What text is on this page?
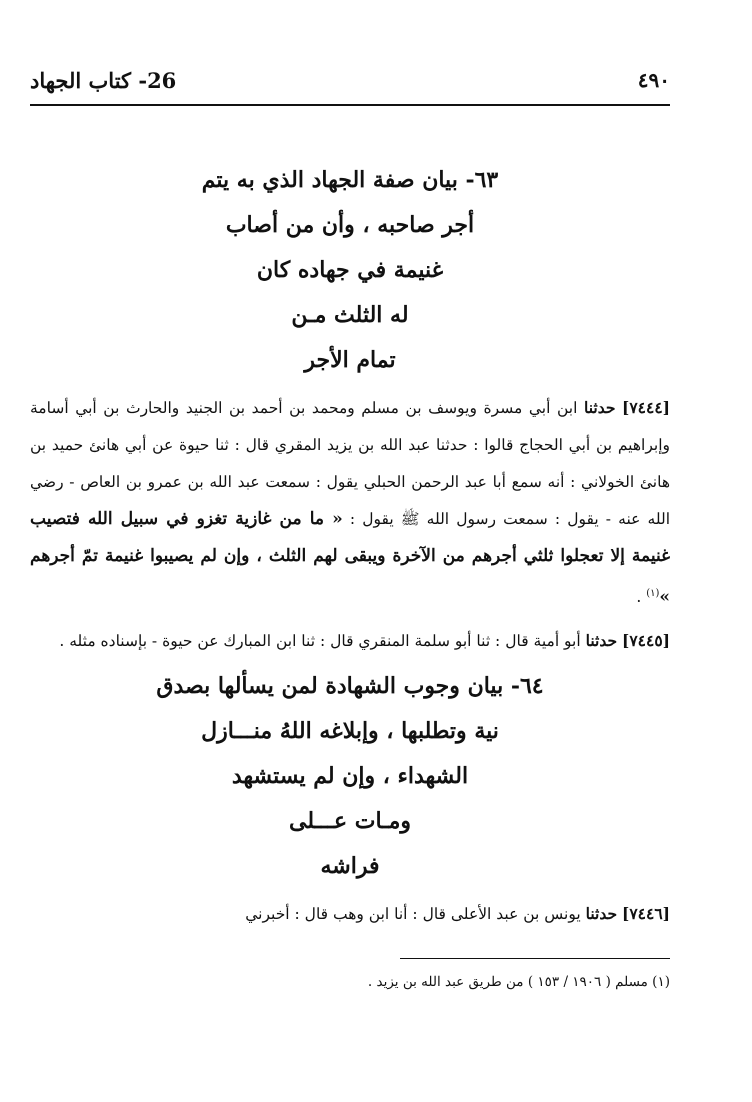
26- كتاب الجهاد	٤٩٠

٦٣- بيان صفة الجهاد الذي به يتم

أجر صاحبه ، وأن من أصاب

غنيمة في جهاده كان

له الثلث مـن

تمام الأجر

[٧٤٤٤] حدثنا ابن أبي مسرة ويوسف بن مسلم ومحمد بن أحمد بن الجنيد والحارث بن أبي أسامة وإبراهيم بن أبي الحجاج قالوا : حدثنا عبد الله بن يزيد المقري قال : ثنا حيوة عن أبي هانئ حميد بن هانئ الخولاني : أنه سمع أبا عبد الرحمن الحبلي يقول : سمعت عبد الله بن عمرو بن العاص - رضي الله عنه - يقول : سمعت رسول الله ﷺ يقول : « ما من غازية تغزو في سبيل الله فتصيب غنيمة إلا تعجلوا ثلثي أجرهم من الآخرة ويبقى لهم الثلث ، وإن لم يصيبوا غنيمة تمّ أجرهم »$^{(١)}$ .

[٧٤٤٥] حدثنا أبو أمية قال : ثنا أبو سلمة المنقري قال : ثنا ابن المبارك عن حيوة - بإسناده مثله .

٦٤- بيان وجوب الشهادة لمن يسألها بصدق

نية وتطلبها ، وإبلاغه اللهُ منـــازل

الشهداء ، وإن لم يستشهد

ومـات عـــلى

فراشه

[٧٤٤٦] حدثنا يونس بن عبد الأعلى قال : أنا ابن وهب قال : أخبرني

(١) مسلم ( ١٩٠٦ / ١٥٣ ) من طريق عبد الله بن يزيد .
